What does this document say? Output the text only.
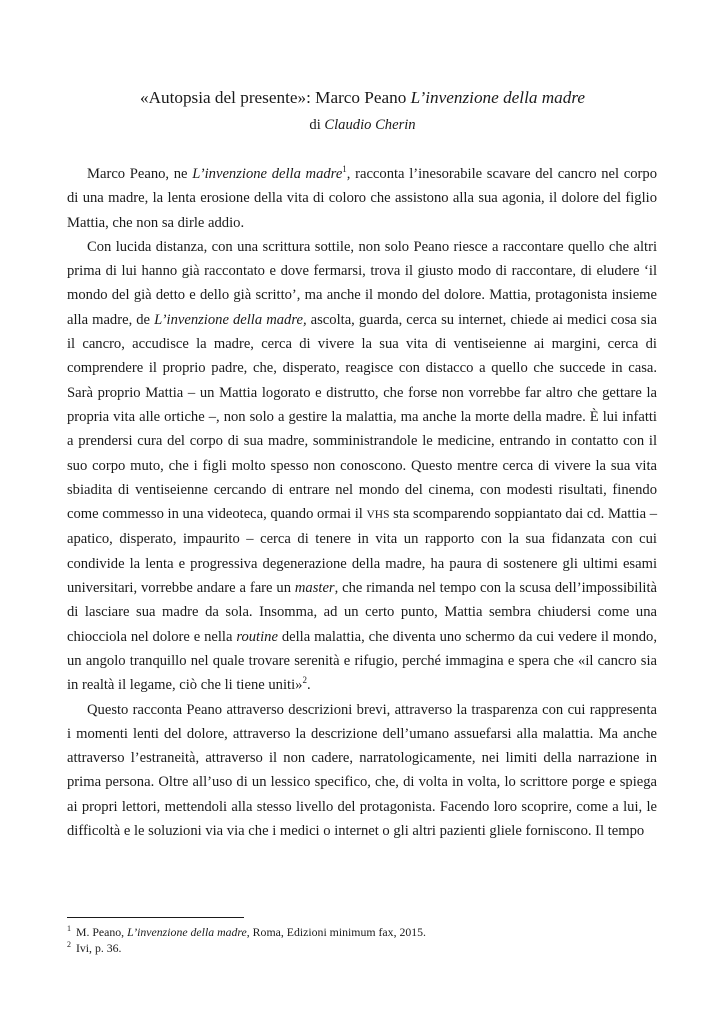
«Autopsia del presente»: Marco Peano L’invenzione della madre
di Claudio Cherin

Marco Peano, ne L’invenzione della madre$^1$, racconta l’inesorabile scavare del cancro nel corpo di una madre, la lenta erosione della vita di coloro che assistono alla sua agonia, il dolore del figlio Mattia, che non sa dirle addio.

Con lucida distanza, con una scrittura sottile, non solo Peano riesce a raccontare quello che altri prima di lui hanno già raccontato e dove fermarsi, trova il giusto modo di raccontare, di eludere ‘il mondo del già detto e dello già scritto’, ma anche il mondo del dolore. Mattia, protagonista insieme alla madre, de L’invenzione della madre, ascolta, guarda, cerca su internet, chiede ai medici cosa sia il cancro, accudisce la madre, cerca di vivere la sua vita di ventiseienne ai margini, cerca di comprendere il proprio padre, che, disperato, reagisce con distacco a quello che succede in casa. Sarà proprio Mattia – un Mattia logorato e distrutto, che forse non vorrebbe far altro che gettare la propria vita alle ortiche –, non solo a gestire la malattia, ma anche la morte della madre. È lui infatti a prendersi cura del corpo di sua madre, somministrandole le medicine, entrando in contatto con il suo corpo muto, che i figli molto spesso non conoscono. Questo mentre cerca di vivere la sua vita sbiadita di ventiseienne cercando di entrare nel mondo del cinema, con modesti risultati, finendo come commesso in una videoteca, quando ormai il VHS sta scomparendo soppiantato dai cd. Mattia – apatico, disperato, impaurito – cerca di tenere in vita un rapporto con la sua fidanzata con cui condivide la lenta e progressiva degenerazione della madre, ha paura di sostenere gli ultimi esami universitari, vorrebbe andare a fare un master, che rimanda nel tempo con la scusa dell’impossibilità di lasciare sua madre da sola. Insomma, ad un certo punto, Mattia sembra chiudersi come una chiocciola nel dolore e nella routine della malattia, che diventa uno schermo da cui vedere il mondo, un angolo tranquillo nel quale trovare serenità e rifugio, perché immagina e spera che «il cancro sia in realtà il legame, ciò che li tiene uniti»$^2$.

Questo racconta Peano attraverso descrizioni brevi, attraverso la trasparenza con cui rappresenta i momenti lenti del dolore, attraverso la descrizione dell’umano assuefarsi alla malattia. Ma anche attraverso l’estraneità, attraverso il non cadere, narratologicamente, nei limiti della narrazione in prima persona. Oltre all’uso di un lessico specifico, che, di volta in volta, lo scrittore porge e spiega ai propri lettori, mettendoli alla stesso livello del protagonista. Facendo loro scoprire, come a lui, le difficoltà e le soluzioni via via che i medici o internet o gli altri pazienti gliele forniscono. Il tempo

$^1$ M. Peano, L’invenzione della madre, Roma, Edizioni minimum fax, 2015.
$^2$ Ivi, p. 36.
